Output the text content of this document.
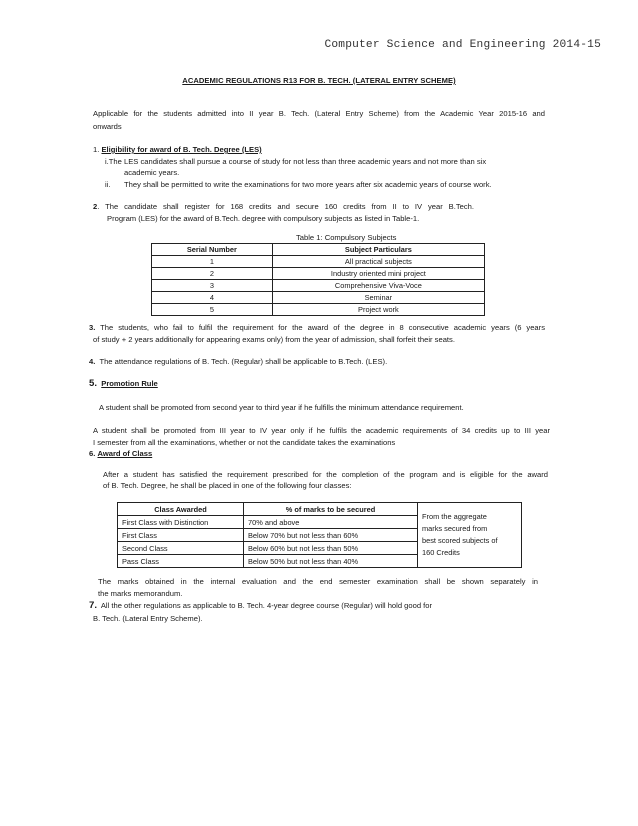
Computer Science and Engineering 2014-15
ACADEMIC REGULATIONS R13 FOR B. TECH. (LATERAL ENTRY SCHEME)
Applicable for the students admitted into II year B. Tech. (Lateral Entry Scheme) from the Academic Year 2015-16 and
onwards
1. Eligibility for award of B. Tech. Degree (LES)
i.The LES candidates shall pursue a course of study for not less than three academic years and not more than six
academic years.
ii. They shall be permitted to write the examinations for two more years after six academic years of course work.
2. The candidate shall register for 168 credits and secure 160 credits from II to IV year B.Tech.
Program (LES) for the award of B.Tech. degree with compulsory subjects as listed in Table-1.
Table 1: Compulsory Subjects
Serial Number	Subject Particulars
1	All practical subjects
2	Industry oriented mini project
3	Comprehensive Viva-Voce
4	Seminar
5	Project work
3. The students, who fail to fulfil the requirement for the award of the degree in 8 consecutive academic years (6 years
of study + 2 years additionally for appearing exams only) from the year of admission, shall forfeit their seats.
4. The attendance regulations of B. Tech. (Regular) shall be applicable to B.Tech. (LES).
5. Promotion Rule
A student shall be promoted from second year to third year if he fulfills the minimum attendance requirement.
A student shall be promoted from III year to IV year only if he fulfils the academic requirements of 34 credits up to III year
I semester from all the examinations, whether or not the candidate takes the examinations
6. Award of Class
After a student has satisfied the requirement prescribed for the completion of the program and is eligible for the award
of B. Tech. Degree, he shall be placed in one of the following four classes:
Class Awarded	% of marks to be secured	From the aggregate
marks secured from
best scored subjects of
160 Credits

First Class with Distinction	70% and above	
First Class	Below 70% but not less than 60%	
Second Class	Below 60% but not less than 50%	
Pass Class	Below 50% but not less than 40%	
The marks obtained in the internal evaluation and the end semester examination shall be shown separately in
the marks memorandum.
7. All the other regulations as applicable to B. Tech. 4-year degree course (Regular) will hold good for
B. Tech. (Lateral Entry Scheme).
